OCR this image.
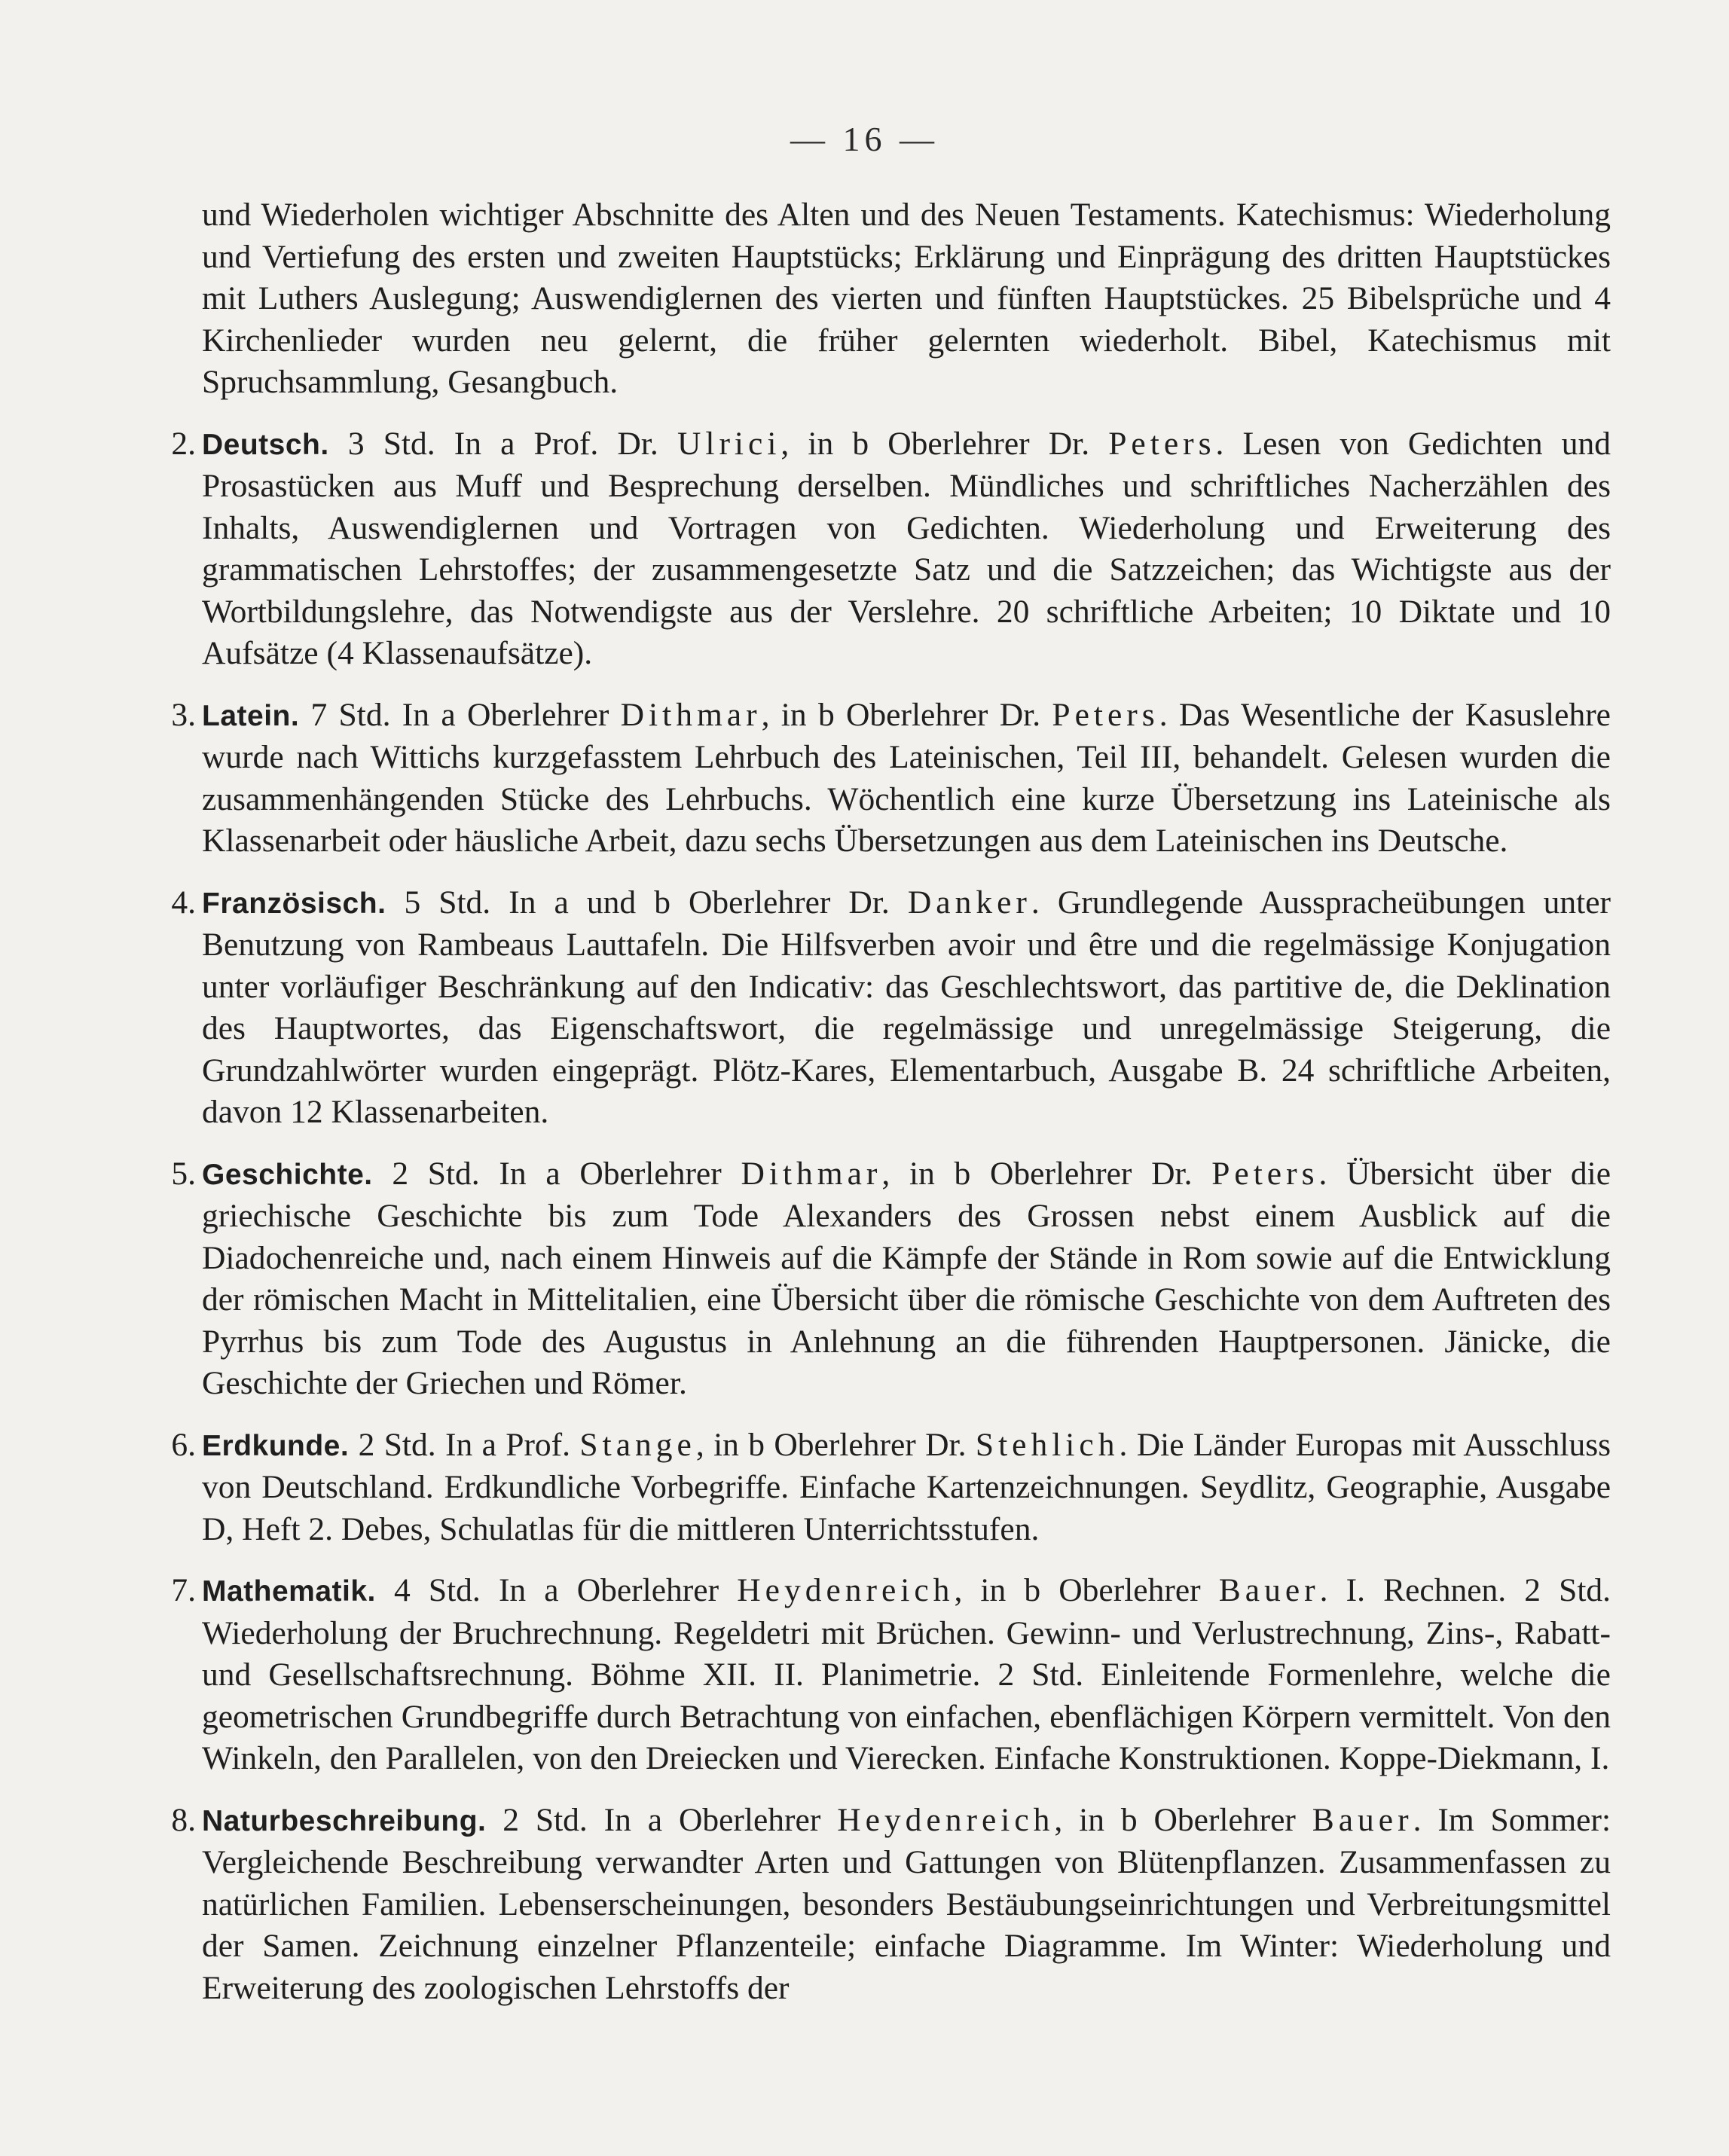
— 16 —

und Wiederholen wichtiger Abschnitte des Alten und des Neuen Testaments. Katechismus: Wiederholung und Vertiefung des ersten und zweiten Hauptstücks; Erklärung und Einprägung des dritten Hauptstückes mit Luthers Auslegung; Auswendiglernen des vierten und fünften Hauptstückes. 25 Bibelsprüche und 4 Kirchenlieder wurden neu gelernt, die früher gelernten wiederholt. Bibel, Katechismus mit Spruchsammlung, Gesangbuch.

2. Deutsch. 3 Std. In a Prof. Dr. Ulrici, in b Oberlehrer Dr. Peters. Lesen von Gedichten und Prosastücken aus Muff und Besprechung derselben. Mündliches und schriftliches Nacherzählen des Inhalts, Auswendiglernen und Vortragen von Gedichten. Wiederholung und Erweiterung des grammatischen Lehrstoffes; der zusammengesetzte Satz und die Satzzeichen; das Wichtigste aus der Wortbildungslehre, das Notwendigste aus der Verslehre. 20 schriftliche Arbeiten; 10 Diktate und 10 Aufsätze (4 Klassenaufsätze).

3. Latein. 7 Std. In a Oberlehrer Dithmar, in b Oberlehrer Dr. Peters. Das Wesentliche der Kasuslehre wurde nach Wittichs kurzgefasstem Lehrbuch des Lateinischen, Teil III, behandelt. Gelesen wurden die zusammenhängenden Stücke des Lehrbuchs. Wöchentlich eine kurze Übersetzung ins Lateinische als Klassenarbeit oder häusliche Arbeit, dazu sechs Übersetzungen aus dem Lateinischen ins Deutsche.

4. Französisch. 5 Std. In a und b Oberlehrer Dr. Danker. Grundlegende Ausspracheübungen unter Benutzung von Rambeaus Lauttafeln. Die Hilfsverben avoir und être und die regelmässige Konjugation unter vorläufiger Beschränkung auf den Indicativ: das Geschlechtswort, das partitive de, die Deklination des Hauptwortes, das Eigenschaftswort, die regelmässige und unregelmässige Steigerung, die Grundzahlwörter wurden eingeprägt. Plötz-Kares, Elementarbuch, Ausgabe B. 24 schriftliche Arbeiten, davon 12 Klassenarbeiten.

5. Geschichte. 2 Std. In a Oberlehrer Dithmar, in b Oberlehrer Dr. Peters. Übersicht über die griechische Geschichte bis zum Tode Alexanders des Grossen nebst einem Ausblick auf die Diadochenreiche und, nach einem Hinweis auf die Kämpfe der Stände in Rom sowie auf die Entwicklung der römischen Macht in Mittelitalien, eine Übersicht über die römische Geschichte von dem Auftreten des Pyrrhus bis zum Tode des Augustus in Anlehnung an die führenden Hauptpersonen. Jänicke, die Geschichte der Griechen und Römer.

6. Erdkunde. 2 Std. In a Prof. Stange, in b Oberlehrer Dr. Stehlich. Die Länder Europas mit Ausschluss von Deutschland. Erdkundliche Vorbegriffe. Einfache Kartenzeichnungen. Seydlitz, Geographie, Ausgabe D, Heft 2. Debes, Schulatlas für die mittleren Unterrichtsstufen.

7. Mathematik. 4 Std. In a Oberlehrer Heydenreich, in b Oberlehrer Bauer. I. Rechnen. 2 Std. Wiederholung der Bruchrechnung. Regeldetri mit Brüchen. Gewinn- und Verlustrechnung, Zins-, Rabatt- und Gesellschaftsrechnung. Böhme XII. II. Planimetrie. 2 Std. Einleitende Formenlehre, welche die geometrischen Grundbegriffe durch Betrachtung von einfachen, ebenflächigen Körpern vermittelt. Von den Winkeln, den Parallelen, von den Dreiecken und Vierecken. Einfache Konstruktionen. Koppe-Diekmann, I.

8. Naturbeschreibung. 2 Std. In a Oberlehrer Heydenreich, in b Oberlehrer Bauer. Im Sommer: Vergleichende Beschreibung verwandter Arten und Gattungen von Blütenpflanzen. Zusammenfassen zu natürlichen Familien. Lebenserscheinungen, besonders Bestäubungseinrichtungen und Verbreitungsmittel der Samen. Zeichnung einzelner Pflanzenteile; einfache Diagramme. Im Winter: Wiederholung und Erweiterung des zoologischen Lehrstoffs der
